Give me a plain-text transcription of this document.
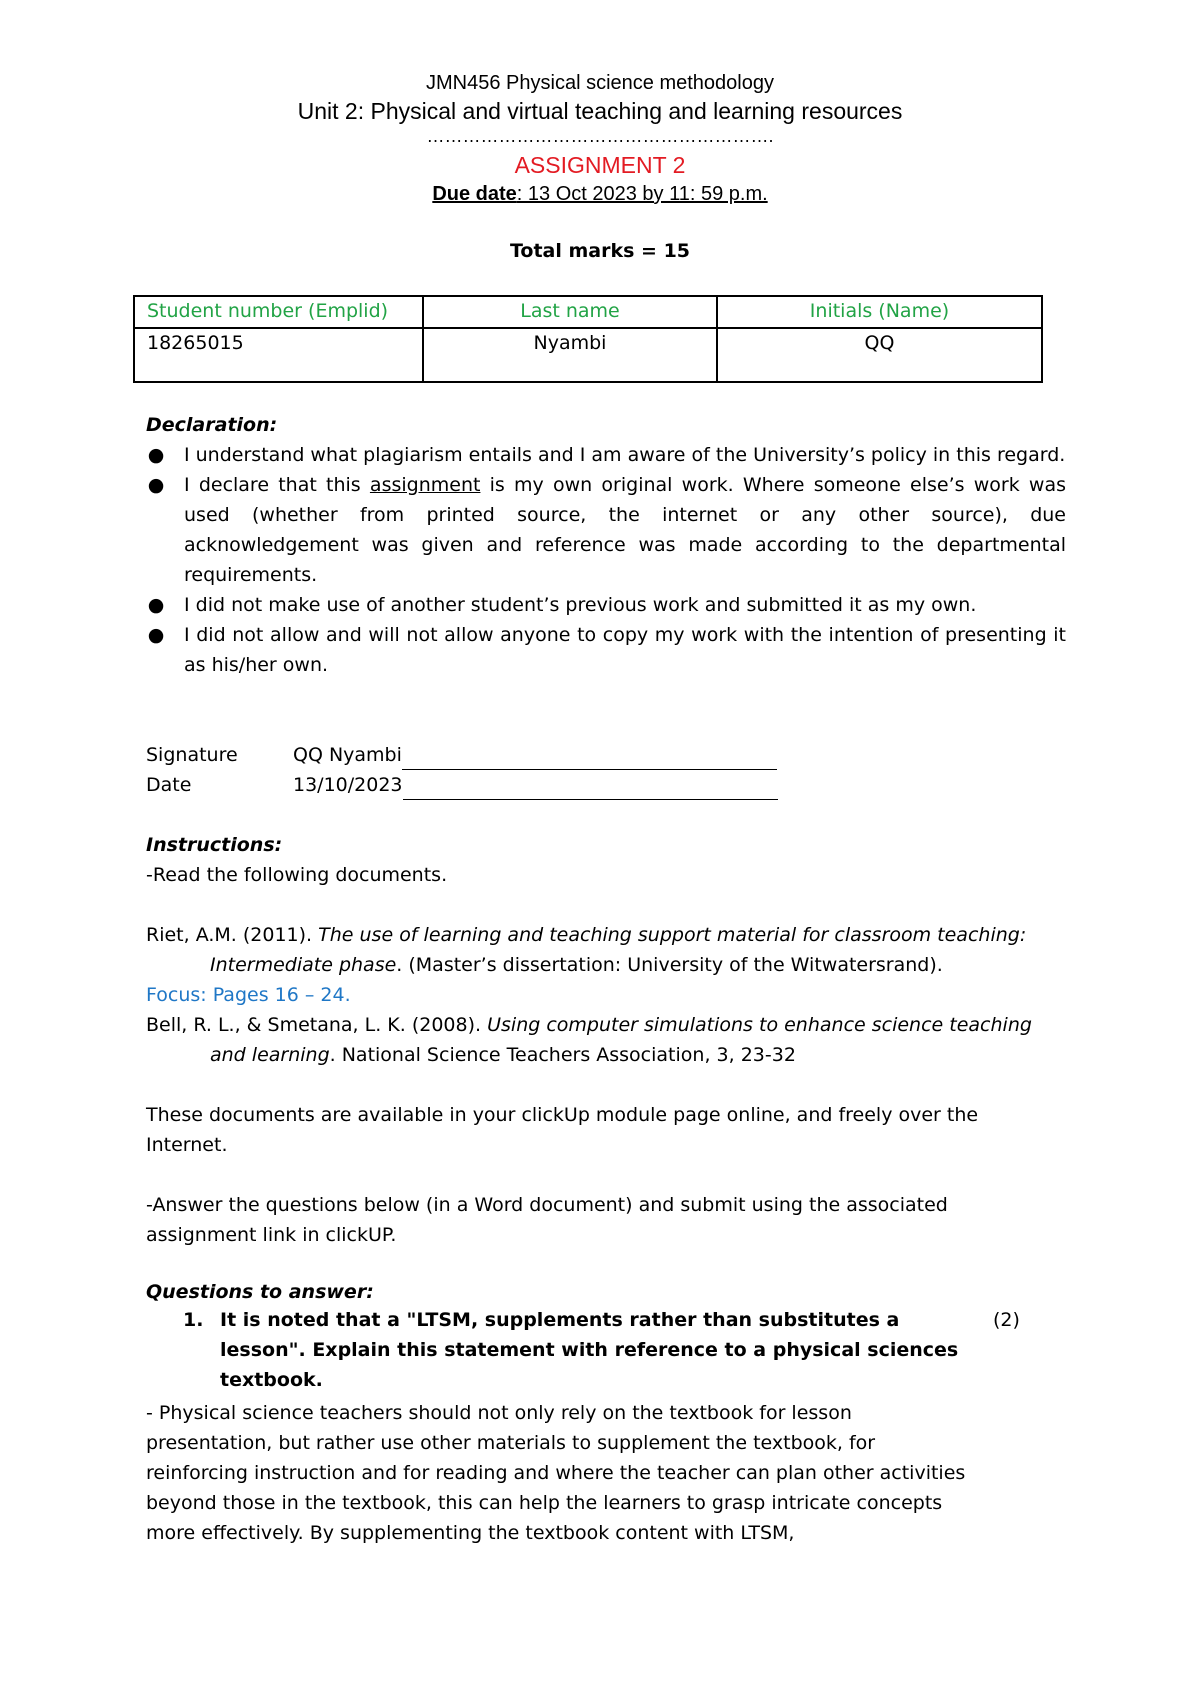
JMN456 Physical science methodology
Unit 2: Physical and virtual teaching and learning resources
………………………………………………….
ASSIGNMENT 2
Due date: 13 Oct 2023 by 11: 59 p.m.
Total marks = 15
Student number (Emplid)	Last name	Initials (Name)
18265015	Nyambi	QQ
Declaration:
● I understand what plagiarism entails and I am aware of the University’s policy in this regard.
● I declare that this assignment is my own original work. Where someone else’s work was used (whether from printed source, the internet or any other source), due acknowledgement was given and reference was made according to the departmental requirements.
● I did not make use of another student’s previous work and submitted it as my own.
● I did not allow and will not allow anyone to copy my work with the intention of presenting it as his/her own.
Signature	QQ Nyambi
Date	13/10/2023
Instructions:
-Read the following documents.
Riet, A.M. (2011). The use of learning and teaching support material for classroom teaching:
Intermediate phase. (Master’s dissertation: University of the Witwatersrand).
Focus: Pages 16 – 24.
Bell, R. L., & Smetana, L. K. (2008). Using computer simulations to enhance science teaching
and learning. National Science Teachers Association, 3, 23-32
These documents are available in your clickUp module page online, and freely over the Internet.
-Answer the questions below (in a Word document) and submit using the associated assignment link in clickUP.
Questions to answer:
1. It is noted that a "LTSM, supplements rather than substitutes a lesson". Explain this statement with reference to a physical sciences textbook.
(2)
- Physical science teachers should not only rely on the textbook for lesson presentation, but rather use other materials to supplement the textbook, for reinforcing instruction and for reading and where the teacher can plan other activities beyond those in the textbook, this can help the learners to grasp intricate concepts more effectively. By supplementing the textbook content with LTSM,
